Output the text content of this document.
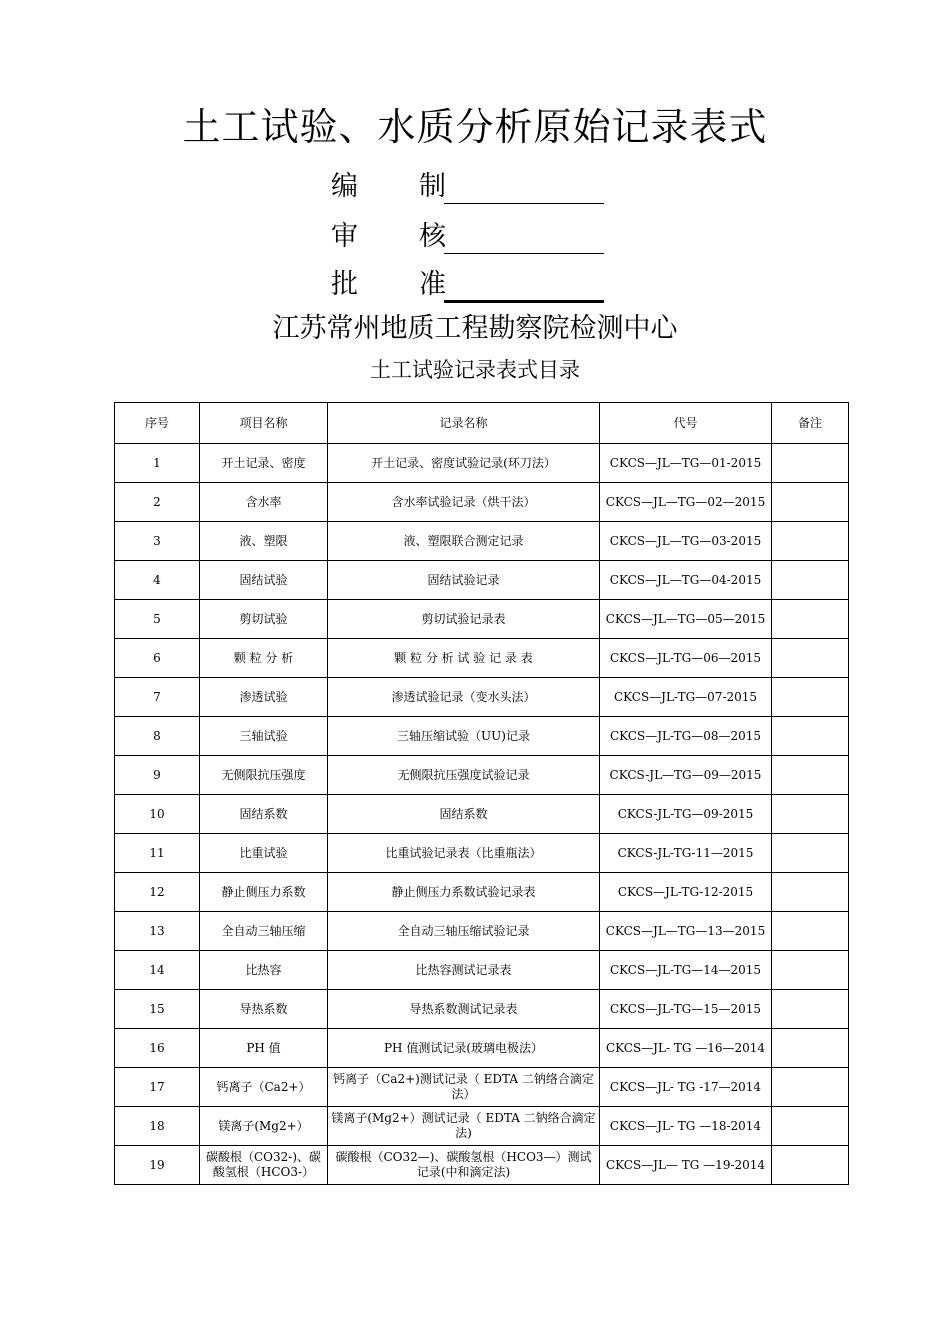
土工试验、水质分析原始记录表式
编 制
审 核
批 准
江苏常州地质工程勘察院检测中心
土工试验记录表式目录
序号	项目名称	记录名称	代号	备注
1	开土记录、密度	开土记录、密度试验记录(环刀法）	CKCS—JL—TG—01-2015	
2	含水率	含水率试验记录（烘干法）	CKCS—JL—TG—02—2015	
3	液、塑限	液、塑限联合测定记录	CKCS—JL—TG—03-2015	
4	固结试验	固结试验记录	CKCS—JL—TG—04-2015	
5	剪切试验	剪切试验记录表	CKCS—JL—TG—05—2015	
6	颗 粒 分 析	颗 粒 分 析 试 验 记 录 表	CKCS—JL-TG—06—2015	
7	渗透试验	渗透试验记录（变水头法）	CKCS—JL-TG—07-2015	
8	三轴试验	三轴压缩试验（UU)记录	CKCS—JL-TG—08—2015	
9	无侧限抗压强度	无侧限抗压强度试验记录	CKCS-JL—TG—09—2015	
10	固结系数	固结系数	CKCS-JL-TG—09-2015	
11	比重试验	比重试验记录表（比重瓶法）	CKCS-JL-TG-11—2015	
12	静止侧压力系数	静止侧压力系数试验记录表	CKCS—JL-TG-12-2015	
13	全自动三轴压缩	全自动三轴压缩试验记录	CKCS—JL—TG—13—2015	
14	比热容	比热容测试记录表	CKCS—JL-TG—14—2015	
15	导热系数	导热系数测试记录表	CKCS—JL-TG—15—2015	
16	PH 值	PH 值测试记录(玻璃电极法）	CKCS—JL- TG —16—2014	
17	钙离子（Ca2+）	钙离子（Ca2+)测试记录（ EDTA 二钠络合滴定法）	CKCS—JL- TG -17—2014	
18	镁离子(Mg2+）	镁离子(Mg2+）测试记录（ EDTA 二钠络合滴定法)	CKCS—JL- TG —18-2014	
19	碳酸根（CO32-)、碳酸氢根（HCO3-）	碳酸根（CO32—)、碳酸氢根（HCO3—）测试记录(中和滴定法)	CKCS—JL— TG —19-2014	
